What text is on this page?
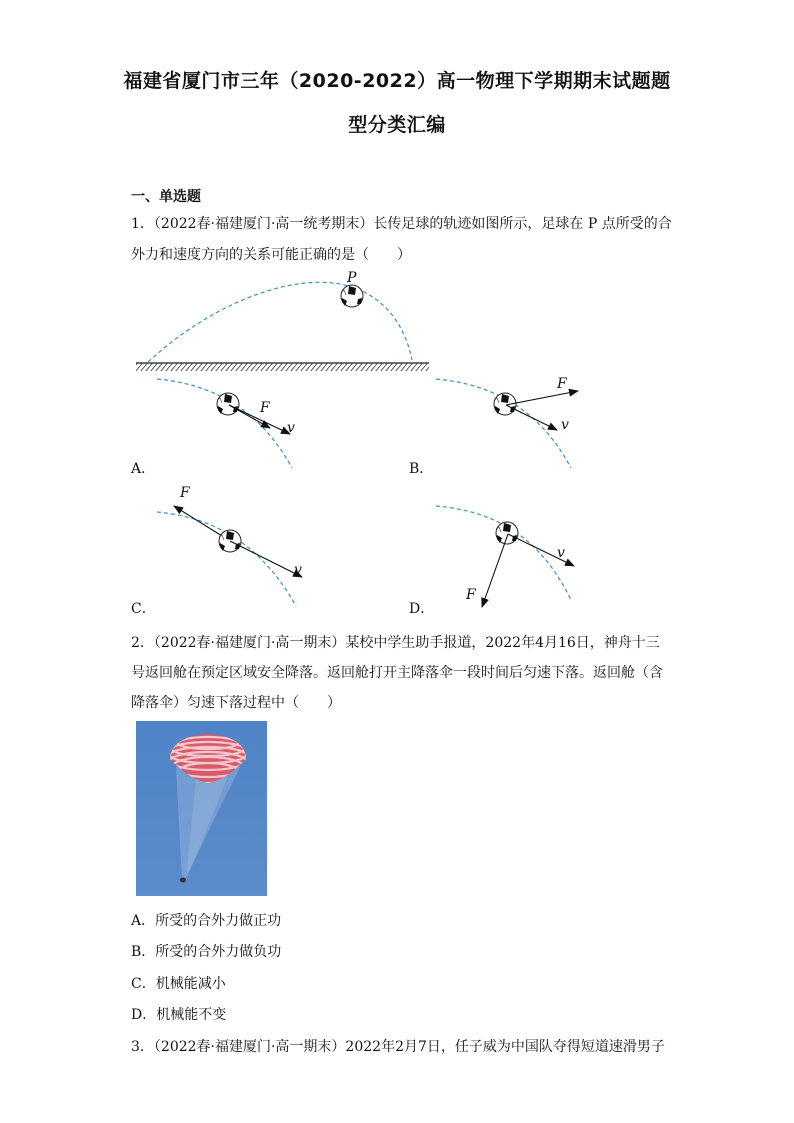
福建省厦门市三年（2020-2022）高一物理下学期期末试题题
型分类汇编
一、单选题
1．（2022春·福建厦门·高一统考期末）长传足球的轨迹如图所示，足球在 P 点所受的合
外力和速度方向的关系可能正确的是（　　）
P
F
v
F
v
F
v
v
F
A．	B．
C．	D．
2．（2022春·福建厦门·高一期末）某校中学生助手报道，2022年4月16日，神舟十三
号返回舱在预定区域安全降落。返回舱打开主降落伞一段时间后匀速下落。返回舱（含
降落伞）匀速下落过程中（　　）
A．所受的合外力做正功
B．所受的合外力做负功
C．机械能减小
D．机械能不变
3．（2022春·福建厦门·高一期末）2022年2月7日，任子威为中国队夺得短道速滑男子
